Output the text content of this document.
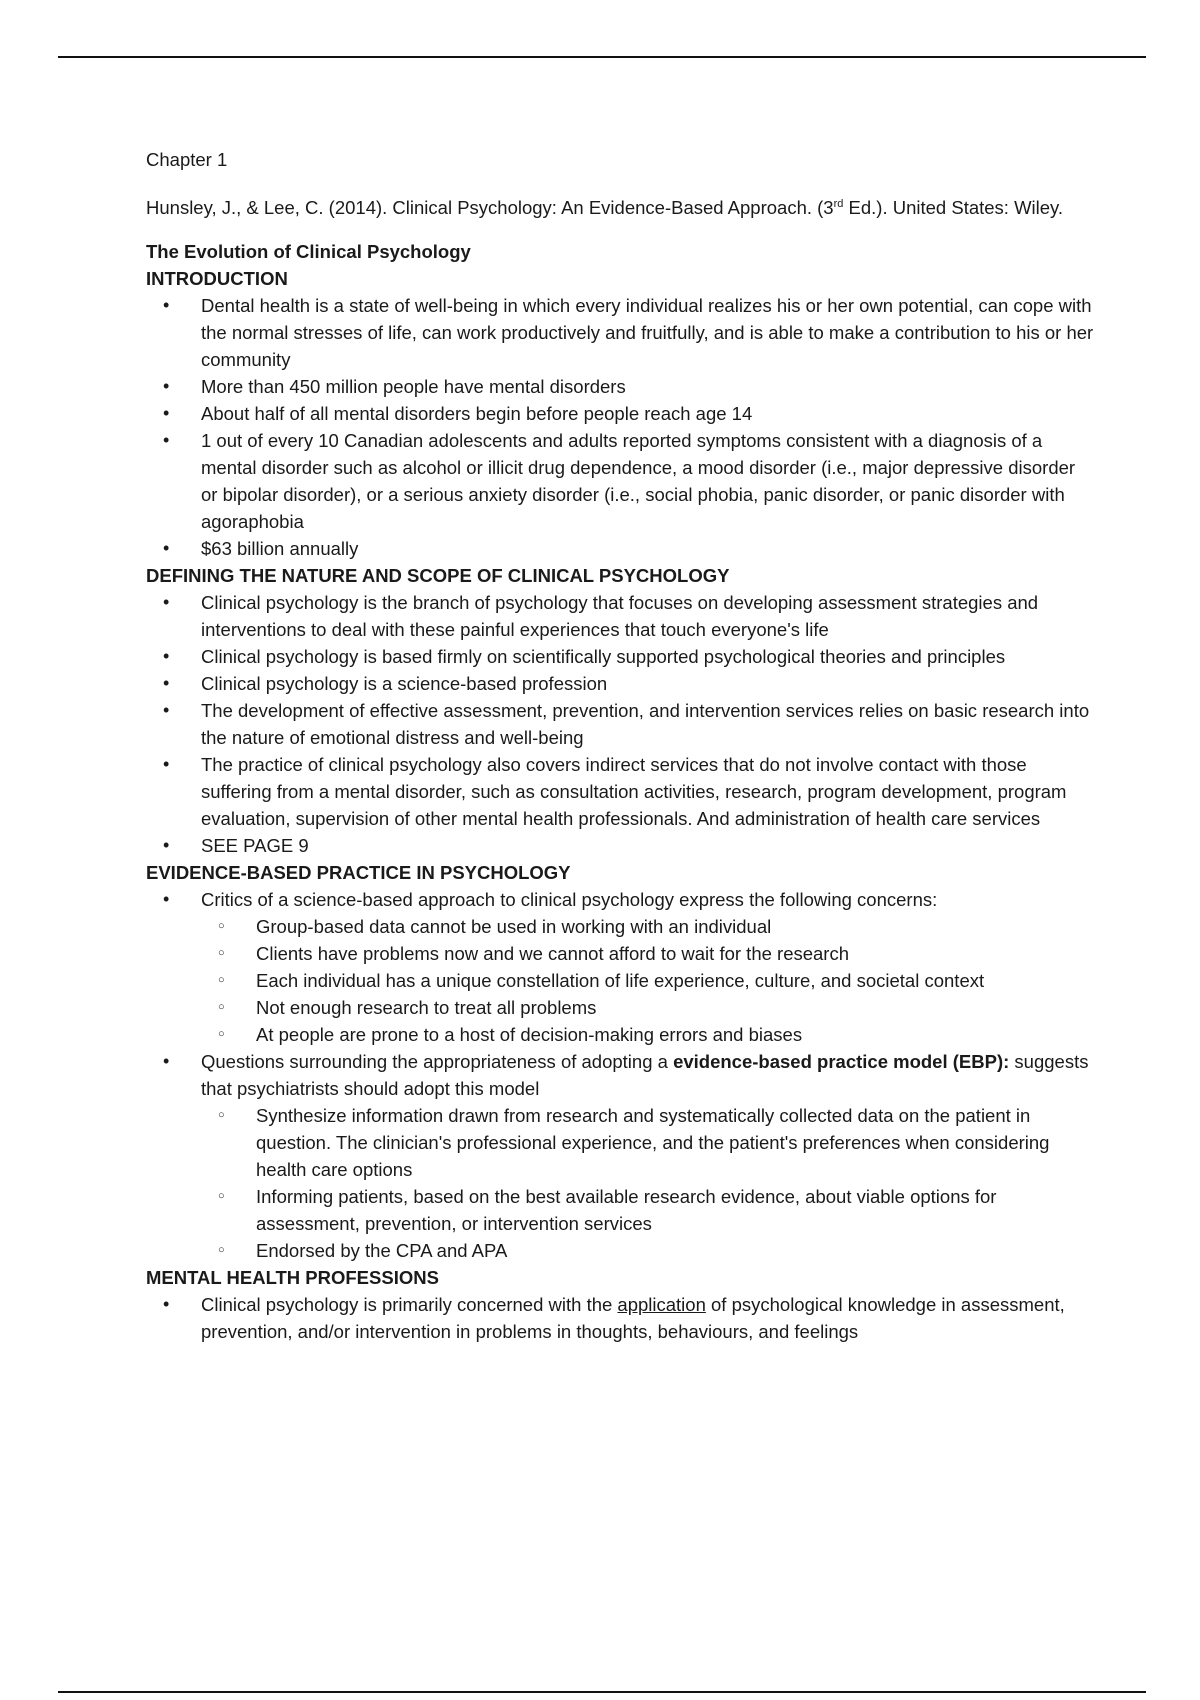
Chapter 1

Hunsley, J., & Lee, C. (2014). Clinical Psychology: An Evidence-Based Approach. (3rd Ed.). United States: Wiley.

The Evolution of Clinical Psychology

INTRODUCTION

• Dental health is a state of well-being in which every individual realizes his or her own potential, can cope with the normal stresses of life, can work productively and fruitfully, and is able to make a contribution to his or her community
• More than 450 million people have mental disorders
• About half of all mental disorders begin before people reach age 14
• 1 out of every 10 Canadian adolescents and adults reported symptoms consistent with a diagnosis of a mental disorder such as alcohol or illicit drug dependence, a mood disorder (i.e., major depressive disorder or bipolar disorder), or a serious anxiety disorder (i.e., social phobia, panic disorder, or panic disorder with agoraphobia
• $63 billion annually

DEFINING THE NATURE AND SCOPE OF CLINICAL PSYCHOLOGY

• Clinical psychology is the branch of psychology that focuses on developing assessment strategies and interventions to deal with these painful experiences that touch everyone's life
• Clinical psychology is based firmly on scientifically supported psychological theories and principles
• Clinical psychology is a science-based profession
• The development of effective assessment, prevention, and intervention services relies on basic research into the nature of emotional distress and well-being
• The practice of clinical psychology also covers indirect services that do not involve contact with those suffering from a mental disorder, such as consultation activities, research, program development, program evaluation, supervision of other mental health professionals. And administration of health care services
• SEE PAGE 9

EVIDENCE-BASED PRACTICE IN PSYCHOLOGY

• Critics of a science-based approach to clinical psychology express the following concerns:
○ Group-based data cannot be used in working with an individual
○ Clients have problems now and we cannot afford to wait for the research
○ Each individual has a unique constellation of life experience, culture, and societal context
○ Not enough research to treat all problems
○ At people are prone to a host of decision-making errors and biases
• Questions surrounding the appropriateness of adopting a evidence-based practice model (EBP): suggests that psychiatrists should adopt this model
○ Synthesize information drawn from research and systematically collected data on the patient in question. The clinician's professional experience, and the patient's preferences when considering health care options
○ Informing patients, based on the best available research evidence, about viable options for assessment, prevention, or intervention services
○ Endorsed by the CPA and APA

MENTAL HEALTH PROFESSIONS

• Clinical psychology is primarily concerned with the application of psychological knowledge in assessment, prevention, and/or intervention in problems in thoughts, behaviours, and feelings
